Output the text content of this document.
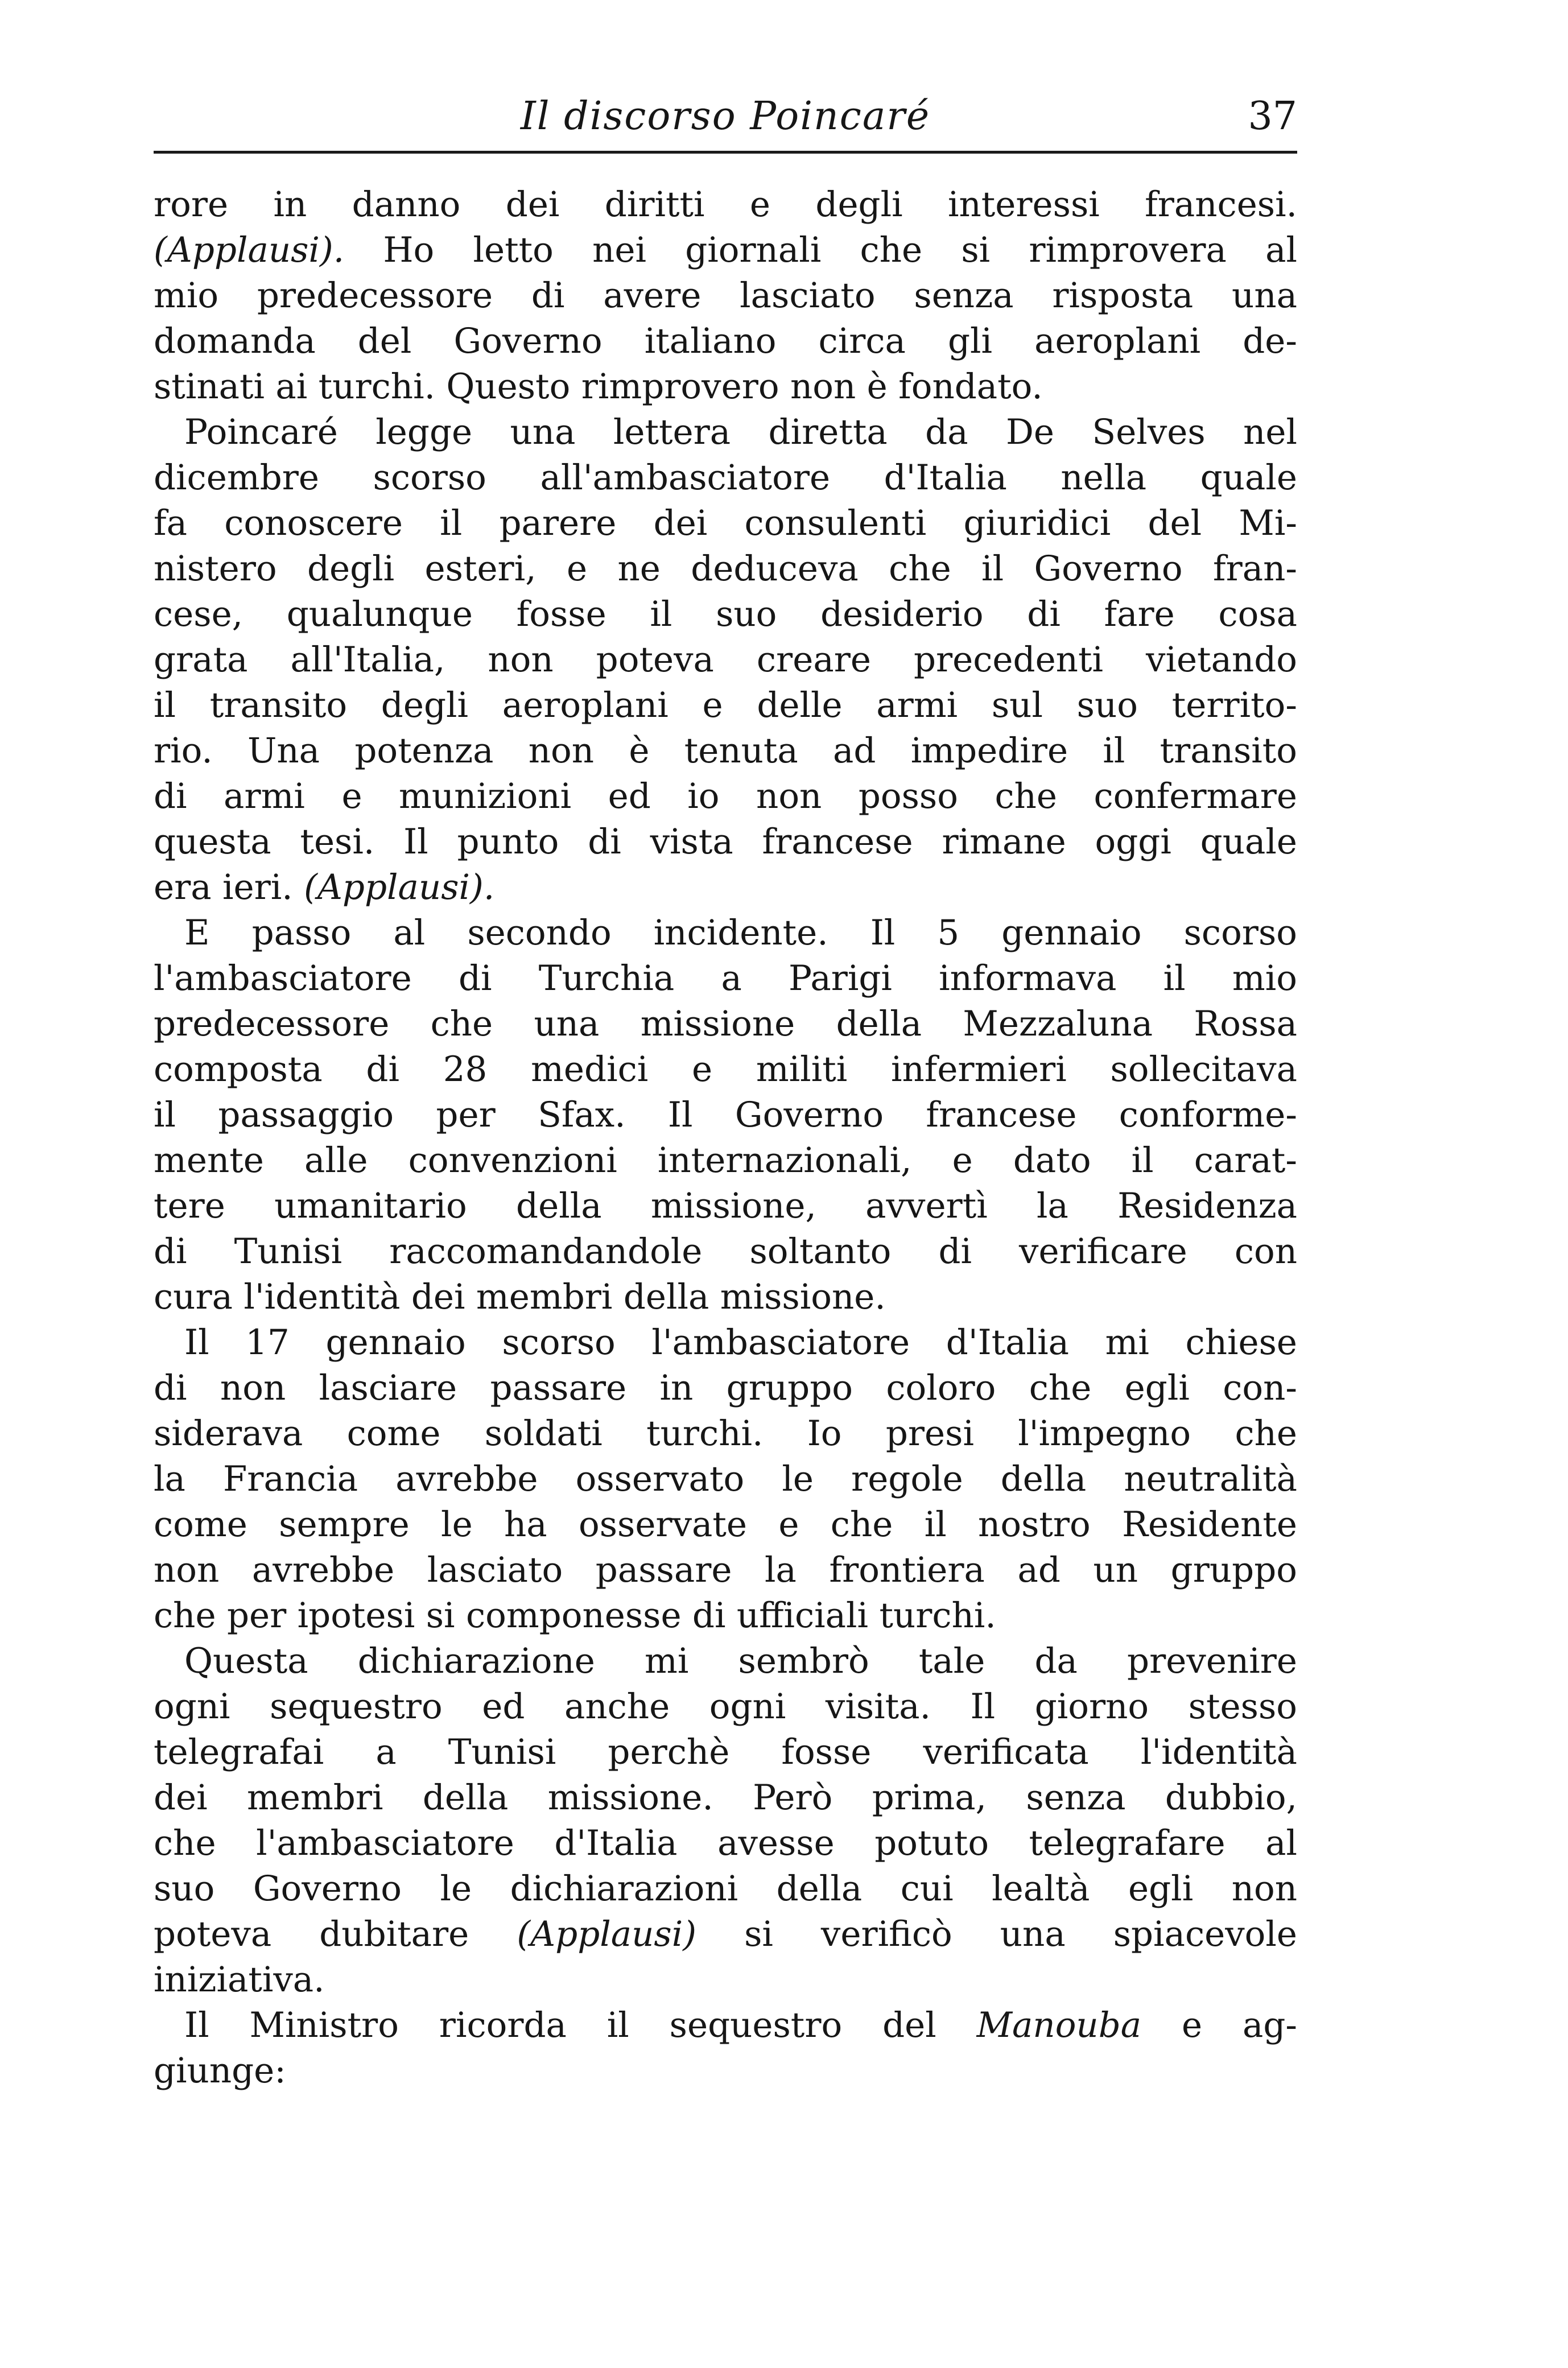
Il discorso Poincaré	37
rore in danno dei diritti e degli interessi francesi.
(Applausi). Ho letto nei giornali che si rimprovera al
mio predecessore di avere lasciato senza risposta una
domanda del Governo italiano circa gli aeroplani de-
stinati ai turchi. Questo rimprovero non è fondato.
Poincaré legge una lettera diretta da De Selves nel
dicembre scorso all'ambasciatore d'Italia nella quale
fa conoscere il parere dei consulenti giuridici del Mi-
nistero degli esteri, e ne deduceva che il Governo fran-
cese, qualunque fosse il suo desiderio di fare cosa
grata all'Italia, non poteva creare precedenti vietando
il transito degli aeroplani e delle armi sul suo territo-
rio. Una potenza non è tenuta ad impedire il transito
di armi e munizioni ed io non posso che confermare
questa tesi. Il punto di vista francese rimane oggi quale
era ieri. (Applausi).
E passo al secondo incidente. Il 5 gennaio scorso
l'ambasciatore di Turchia a Parigi informava il mio
predecessore che una missione della Mezzaluna Rossa
composta di 28 medici e militi infermieri sollecitava
il passaggio per Sfax. Il Governo francese conforme-
mente alle convenzioni internazionali, e dato il carat-
tere umanitario della missione, avvertì la Residenza
di Tunisi raccomandandole soltanto di verificare con
cura l'identità dei membri della missione.
Il 17 gennaio scorso l'ambasciatore d'Italia mi chiese
di non lasciare passare in gruppo coloro che egli con-
siderava come soldati turchi. Io presi l'impegno che
la Francia avrebbe osservato le regole della neutralità
come sempre le ha osservate e che il nostro Residente
non avrebbe lasciato passare la frontiera ad un gruppo
che per ipotesi si componesse di ufficiali turchi.
Questa dichiarazione mi sembrò tale da prevenire
ogni sequestro ed anche ogni visita. Il giorno stesso
telegrafai a Tunisi perchè fosse verificata l'identità
dei membri della missione. Però prima, senza dubbio,
che l'ambasciatore d'Italia avesse potuto telegrafare al
suo Governo le dichiarazioni della cui lealtà egli non
poteva dubitare (Applausi) si verificò una spiacevole
iniziativa.
Il Ministro ricorda il sequestro del Manouba e ag-
giunge:
